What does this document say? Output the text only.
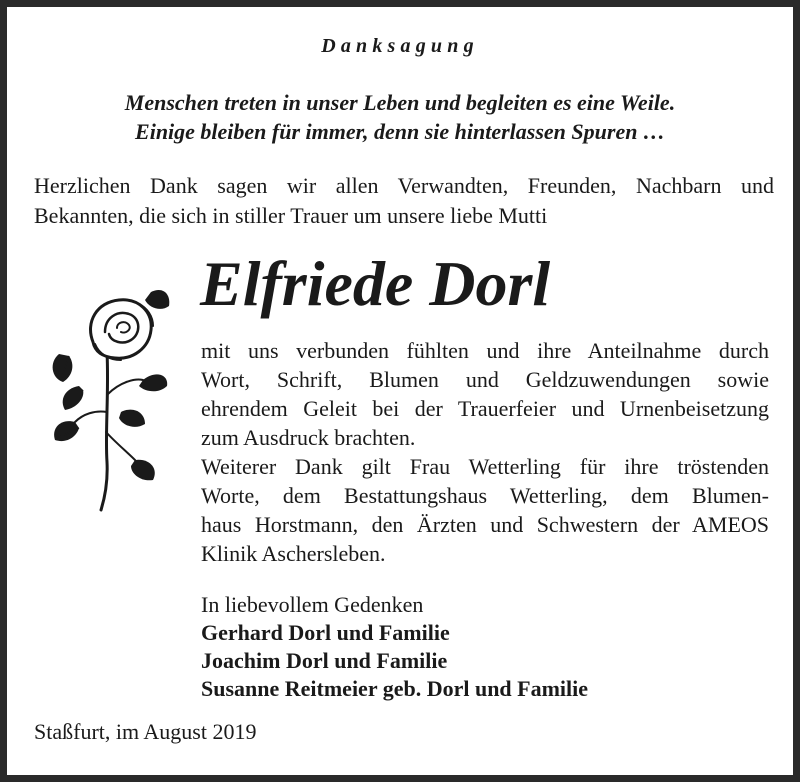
Danksagung
Menschen treten in unser Leben und begleiten es eine Weile.
Einige bleiben für immer, denn sie hinterlassen Spuren …
Herzlichen Dank sagen wir allen Verwandten, Freunden, Nachbarn und
Bekannten, die sich in stiller Trauer um unsere liebe Mutti
Elfriede Dorl
mit uns verbunden fühlten und ihre Anteilnahme durch
Wort, Schrift, Blumen und Geldzuwendungen sowie
ehrendem Geleit bei der Trauerfeier und Urnenbeisetzung
zum Ausdruck brachten.
Weiterer Dank gilt Frau Wetterling für ihre tröstenden
Worte, dem Bestattungshaus Wetterling, dem Blumen-
haus Horstmann, den Ärzten und Schwestern der AMEOS
Klinik Aschersleben.
In liebevollem Gedenken
Gerhard Dorl und Familie
Joachim Dorl und Familie
Susanne Reitmeier geb. Dorl und Familie
Staßfurt, im August 2019
